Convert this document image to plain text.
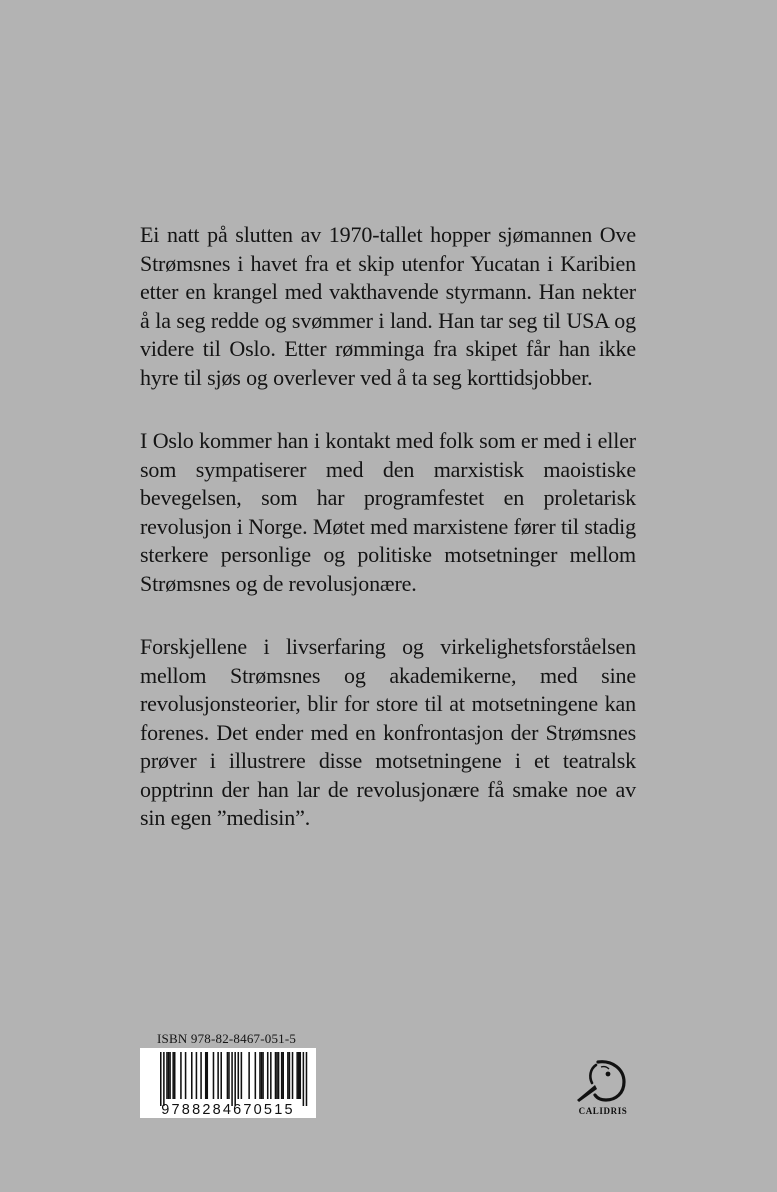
Ei natt på slutten av 1970-tallet hopper sjømannen Ove Strømsnes i havet fra et skip utenfor Yucatan i Karibien etter en krangel med vakthavende styrmann. Han nekter å la seg redde og svømmer i land. Han tar seg til USA og videre til Oslo. Etter rømminga fra skipet får han ikke hyre til sjøs og overlever ved å ta seg korttidsjobber.

I Oslo kommer han i kontakt med folk som er med i eller som sympatiserer med den marxistisk maoistiske bevegelsen, som har programfestet en proletarisk revolusjon i Norge. Møtet med marxistene fører til stadig sterkere personlige og politiske motsetninger mellom Strømsnes og de revolusjonære.

Forskjellene i livserfaring og virkelighetsforståelsen mellom Strømsnes og akademikerne, med sine revolusjonsteorier, blir for store til at motsetningene kan forenes. Det ender med en konfrontasjon der Strømsnes prøver i illustrere disse motsetningene i et teatralsk opptrinn der han lar de revolusjonære få smake noe av sin egen ”medisin”.

ISBN 978-82-8467-051-5
9788284670515	CALIDRIS
